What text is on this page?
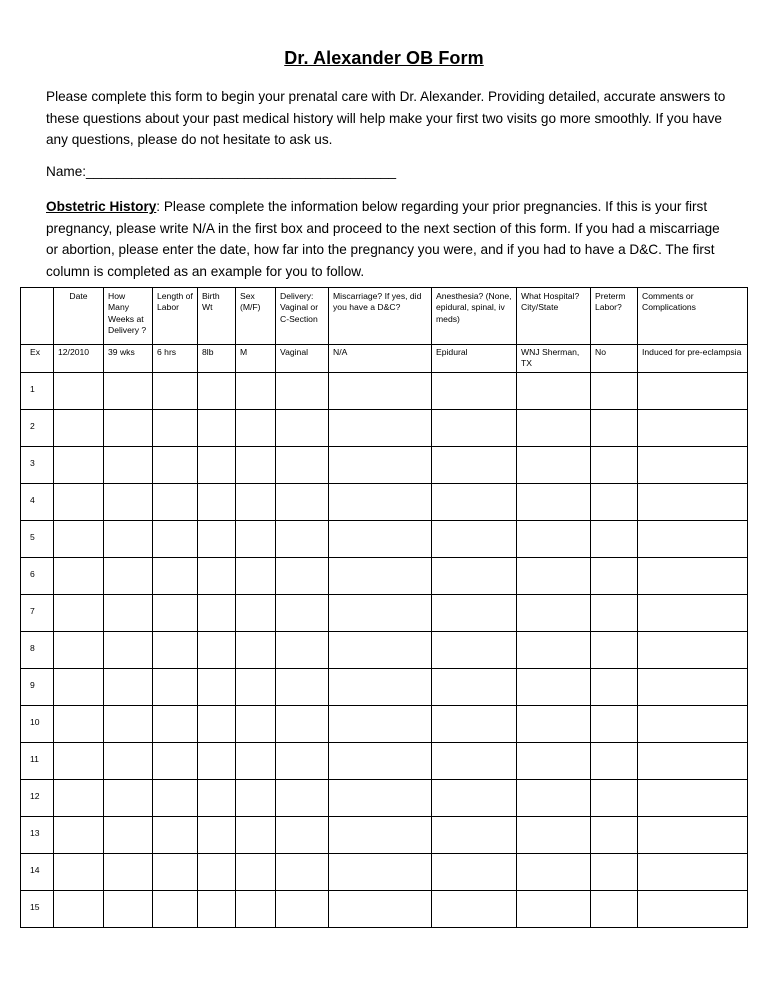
Dr. Alexander OB Form
Please complete this form to begin your prenatal care with Dr. Alexander. Providing detailed, accurate answers to these questions about your past medical history will help make your first two visits go more smoothly. If you have any questions, please do not hesitate to ask us.
Name:_________________________________________
Obstetric History: Please complete the information below regarding your prior pregnancies. If this is your first pregnancy, please write N/A in the first box and proceed to the next section of this form. If you had a miscarriage or abortion, please enter the date, how far into the pregnancy you were, and if you had to have a D&C. The first column is completed as an example for you to follow.
	Date	How Many Weeks at Delivery ?	Length of Labor	Birth Wt	Sex (M/F)	Delivery: Vaginal or C-Section	Miscarriage? If yes, did you have a D&C?	Anesthesia? (None, epidural, spinal, iv meds)	What Hospital? City/State	Preterm Labor?	Comments or Complications
Ex	12/2010	39 wks	6 hrs	8lb	M	Vaginal	N/A	Epidural	WNJ Sherman, TX	No	Induced for pre-eclampsia
1											
2											
3											
4											
5											
6											
7											
8											
9											
10											
11											
12											
13											
14											
15											
